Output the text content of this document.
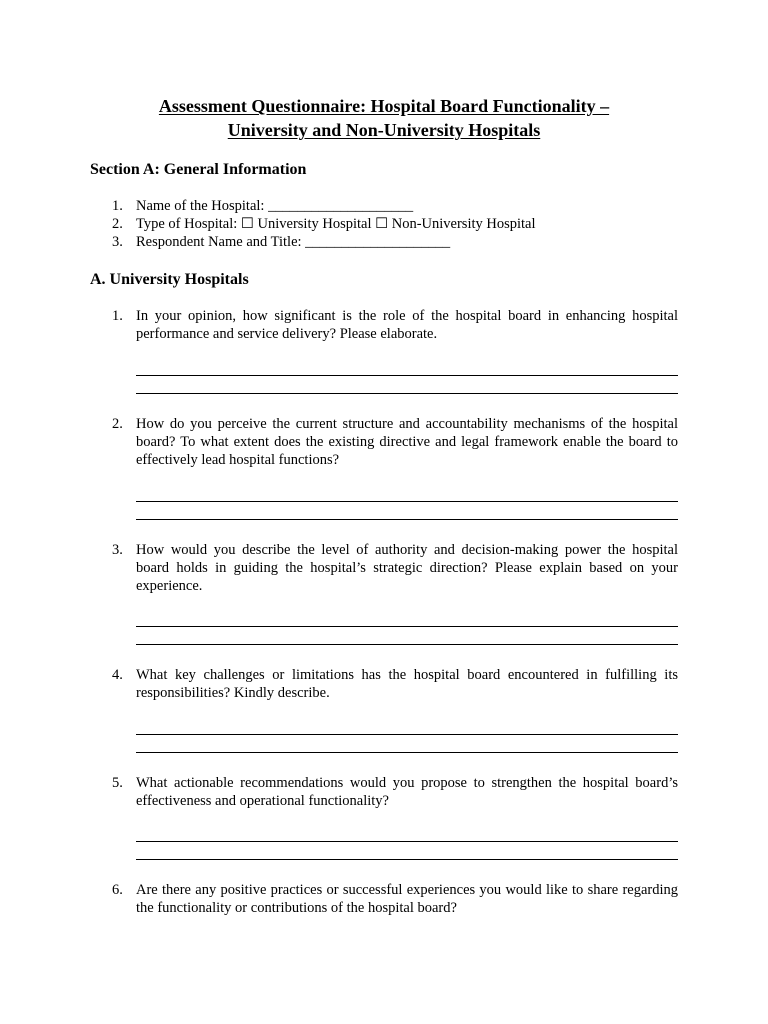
Assessment Questionnaire: Hospital Board Functionality –
University and Non-University Hospitals
Section A: General Information
1. Name of the Hospital: ____________________
2. Type of Hospital: ☐ University Hospital ☐ Non-University Hospital
3. Respondent Name and Title: ____________________
A. University Hospitals
1. In your opinion, how significant is the role of the hospital board in enhancing hospital performance and service delivery? Please elaborate.
2. How do you perceive the current structure and accountability mechanisms of the hospital board? To what extent does the existing directive and legal framework enable the board to effectively lead hospital functions?
3. How would you describe the level of authority and decision-making power the hospital board holds in guiding the hospital’s strategic direction? Please explain based on your experience.
4. What key challenges or limitations has the hospital board encountered in fulfilling its responsibilities? Kindly describe.
5. What actionable recommendations would you propose to strengthen the hospital board’s effectiveness and operational functionality?
6. Are there any positive practices or successful experiences you would like to share regarding the functionality or contributions of the hospital board?
